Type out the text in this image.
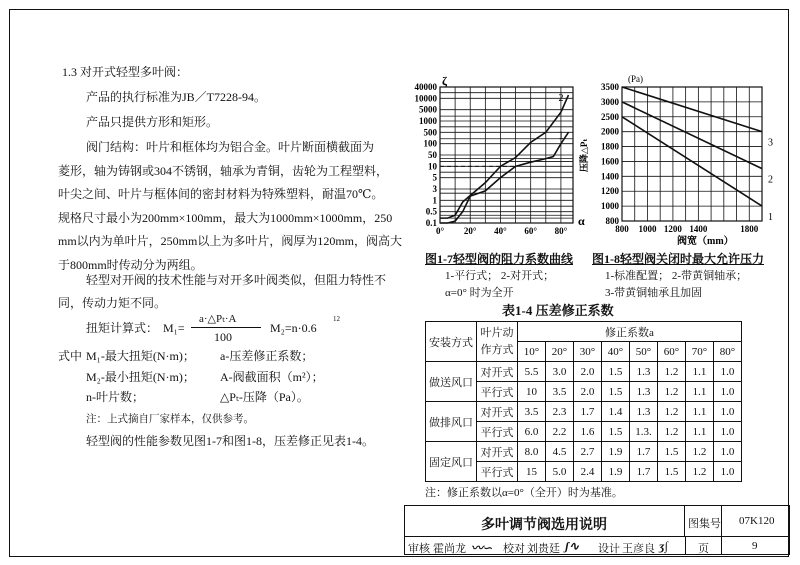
1.3 对开式轻型多叶阀：
产品的执行标准为JB／T7228-94。
产品只提供方形和矩形。
阀门结构：叶片和框体均为铝合金。叶片断面横截面为
菱形，轴为铸钢或304不锈钢，轴承为青铜，齿轮为工程塑料，
叶尖之间、叶片与框体间的密封材料为特殊塑料，耐温70℃。
规格尺寸最小为200mm×100mm，最大为1000mm×1000mm，250
mm以内为单叶片，250mm以上为多叶片，阀厚为120mm，阀高大
于800mm时传动分为两组。
轻型对开阀的技术性能与对开多叶阀类似，但阻力特性不
同，传动力矩不同。
扭矩计算式： M₁=
a·△Pₜ·A
100
M₂=n·0.6
12
式中 M₁-最大扭矩(N·m)； a-压差修正系数；
M₂-最小扭矩(N·m)； A-阀截面积（m²）；
n-叶片数；	△Pₜ-压降（Pa）。
注：上式摘自厂家样本，仅供参考。
轻型阀的性能参数见图1-7和图1-8，压差修正见表1-4。
40000
10000
5000
1000
500
100
50
10
5
3
1
0.5
0.1
0° 20° 40° 60° 80°
ζ
α
1
2
3500
3000
2500
2000
1800
1600
1400
1200
1000
800
800 1000 1200 1400	1800
(Pa)
阀宽（mm）
压降△Pₜ
1
2
3
图1-7轻型阀的阻力系数曲线
1-平行式； 2-对开式；
α=0° 时为全开
图1-8轻型阀关闭时最大允许压力
1-标准配置； 2-带黄铜轴承；
3-带黄铜轴承且加固
表1-4 压差修正系数
安装方式	叶片动作方式	修正系数a							
		10°	20°	30°	40°	50°	60°	70°	80°
做送风口	对开式	5.5	3.0	2.0	1.5	1.3	1.2	1.1	1.0
	平行式	10	3.5	2.0	1.5	1.3	1.2	1.1	1.0
做排风口	对开式	3.5	2.3	1.7	1.4	1.3	1.2	1.1	1.0
	平行式	6.0	2.2	1.6	1.5	1.3.	1.2	1.1	1.0
固定风口	对开式	8.0	4.5	2.7	1.9	1.7	1.5	1.2	1.0
	平行式	15	5.0	2.4	1.9	1.7	1.5	1.2	1.0
注：修正系数以α=0°（全开）时为基准。
多叶调节阀选用说明	图集号 07K120
审核 霍尚龙 〰∽ 校对 刘贵廷 ʃ∿ 设计 王彦良 ʒ∫	页	9
